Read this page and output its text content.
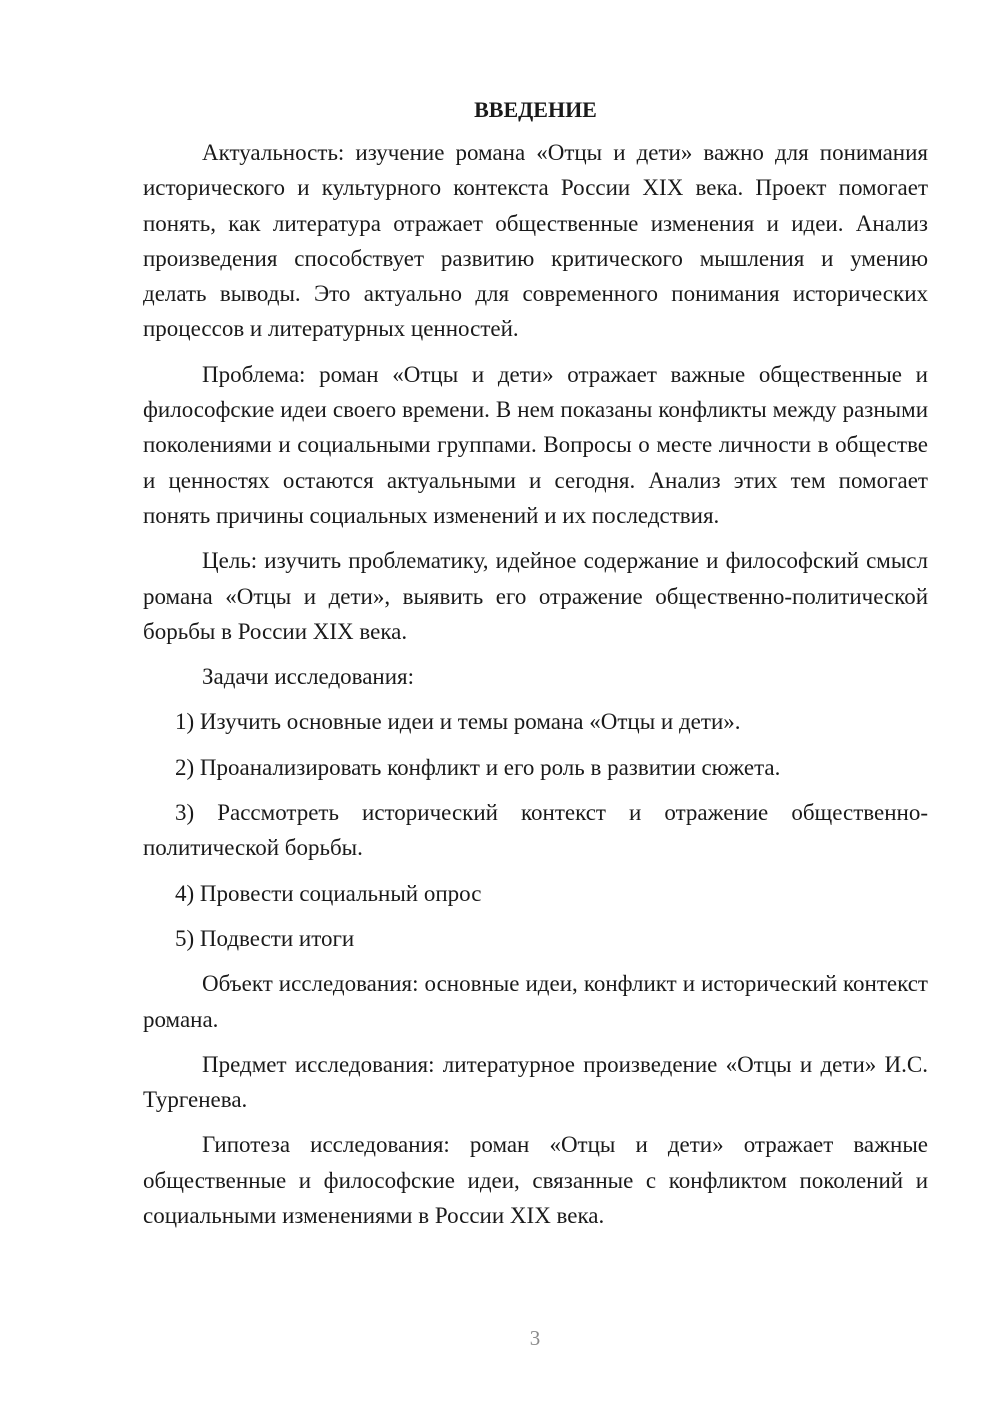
ВВЕДЕНИЕ

Актуальность: изучение романа «Отцы и дети» важно для понимания исторического и культурного контекста России XIX века. Проект помогает понять, как литература отражает общественные изменения и идеи. Анализ произведения способствует развитию критического мышления и умению делать выводы. Это актуально для современного понимания исторических процессов и литературных ценностей.

Проблема: роман «Отцы и дети» отражает важные общественные и философские идеи своего времени. В нем показаны конфликты между разными поколениями и социальными группами. Вопросы о месте личности в обществе и ценностях остаются актуальными и сегодня. Анализ этих тем помогает понять причины социальных изменений и их последствия.

Цель: изучить проблематику, идейное содержание и философский смысл романа «Отцы и дети», выявить его отражение общественно-политической борьбы в России XIX века.

Задачи исследования:

1) Изучить основные идеи и темы романа «Отцы и дети».

2) Проанализировать конфликт и его роль в развитии сюжета.

3) Рассмотреть исторический контекст и отражение общественно-политической борьбы.

4) Провести социальный опрос

5) Подвести итоги

Объект исследования: основные идеи, конфликт и исторический контекст романа.

Предмет исследования: литературное произведение «Отцы и дети» И.С. Тургенева.

Гипотеза исследования: роман «Отцы и дети» отражает важные общественные и философские идеи, связанные с конфликтом поколений и социальными изменениями в России XIX века.

3
